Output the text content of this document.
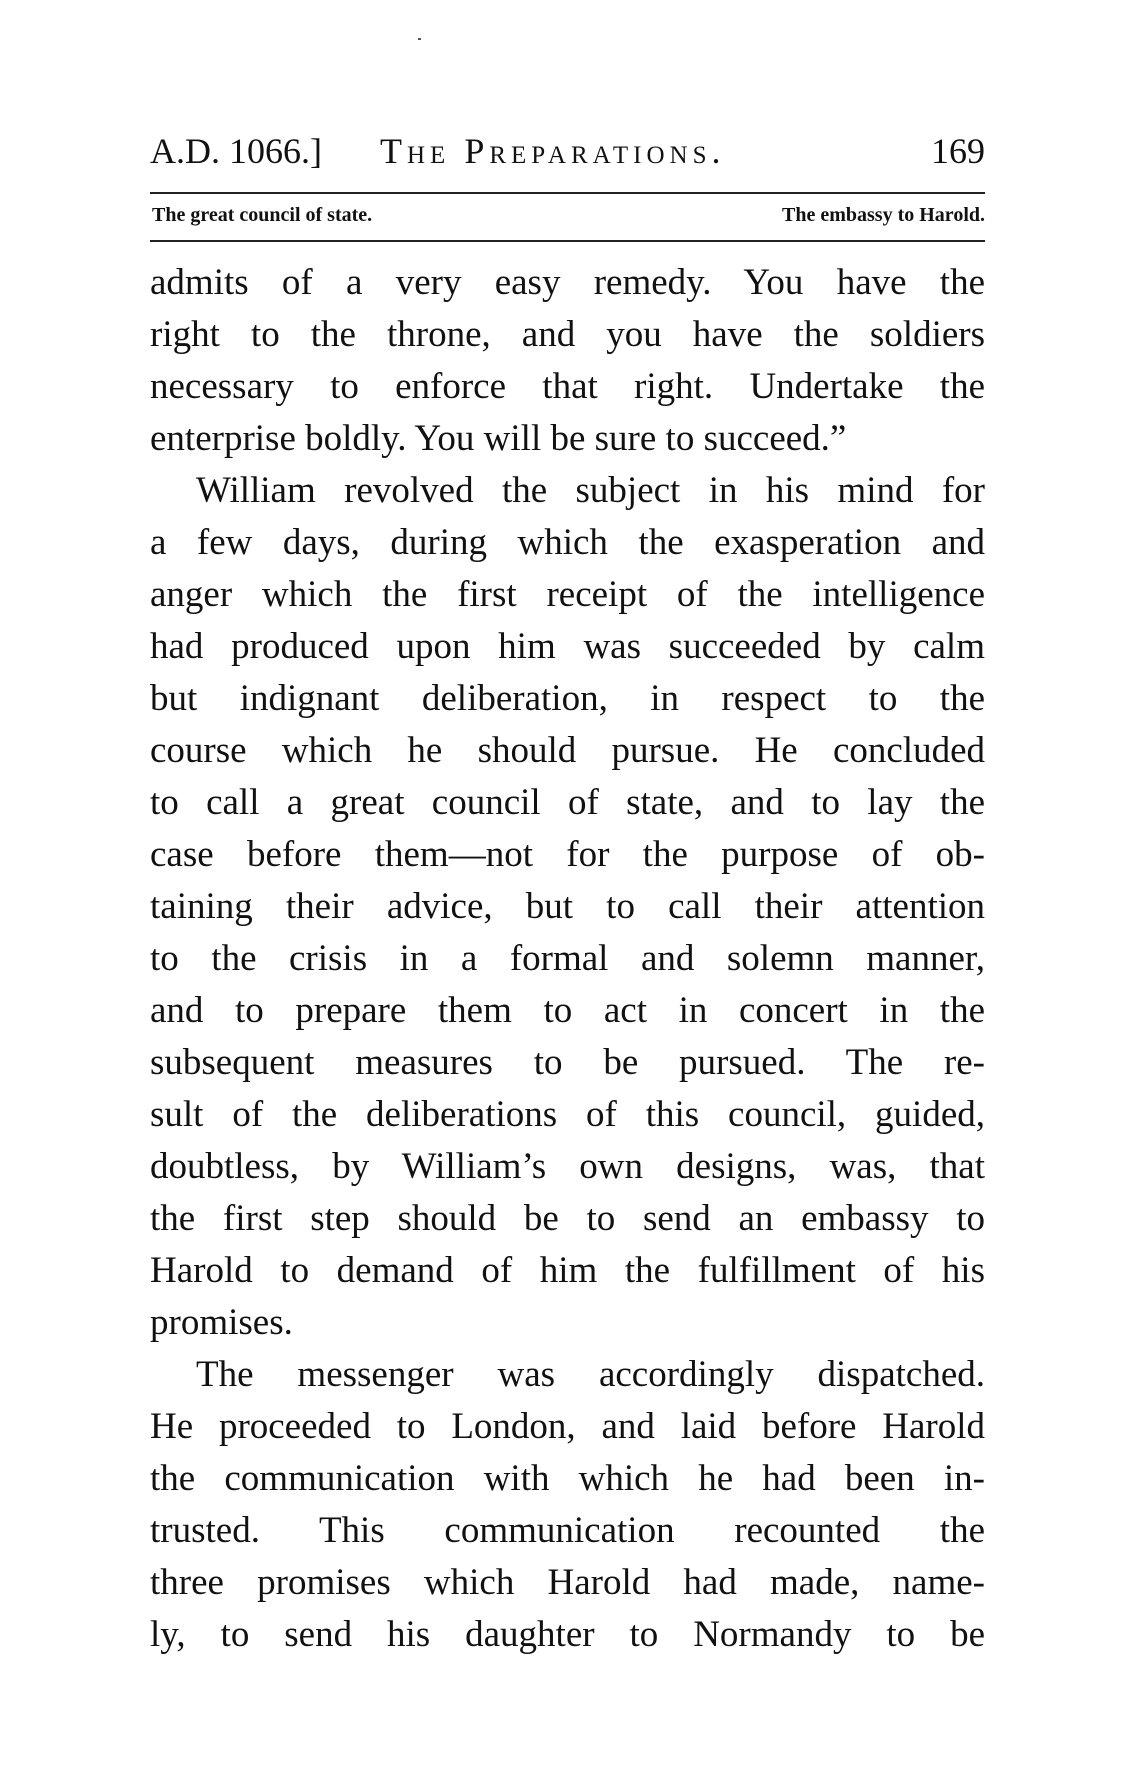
A.D. 1066.] The Preparations.	169
The great council of state.	The embassy to Harold.
admits of a very easy remedy. You have the
right to the throne, and you have the soldiers
necessary to enforce that right. Undertake the
enterprise boldly. You will be sure to succeed.”
William revolved the subject in his mind for
a few days, during which the exasperation and
anger which the first receipt of the intelligence
had produced upon him was succeeded by calm
but indignant deliberation, in respect to the
course which he should pursue. He concluded
to call a great council of state, and to lay the
case before them—not for the purpose of ob-
taining their advice, but to call their attention
to the crisis in a formal and solemn manner,
and to prepare them to act in concert in the
subsequent measures to be pursued. The re-
sult of the deliberations of this council, guided,
doubtless, by William’s own designs, was, that
the first step should be to send an embassy to
Harold to demand of him the fulfillment of his
promises.
The messenger was accordingly dispatched.
He proceeded to London, and laid before Harold
the communication with which he had been in-
trusted. This communication recounted the
three promises which Harold had made, name-
ly, to send his daughter to Normandy to be
